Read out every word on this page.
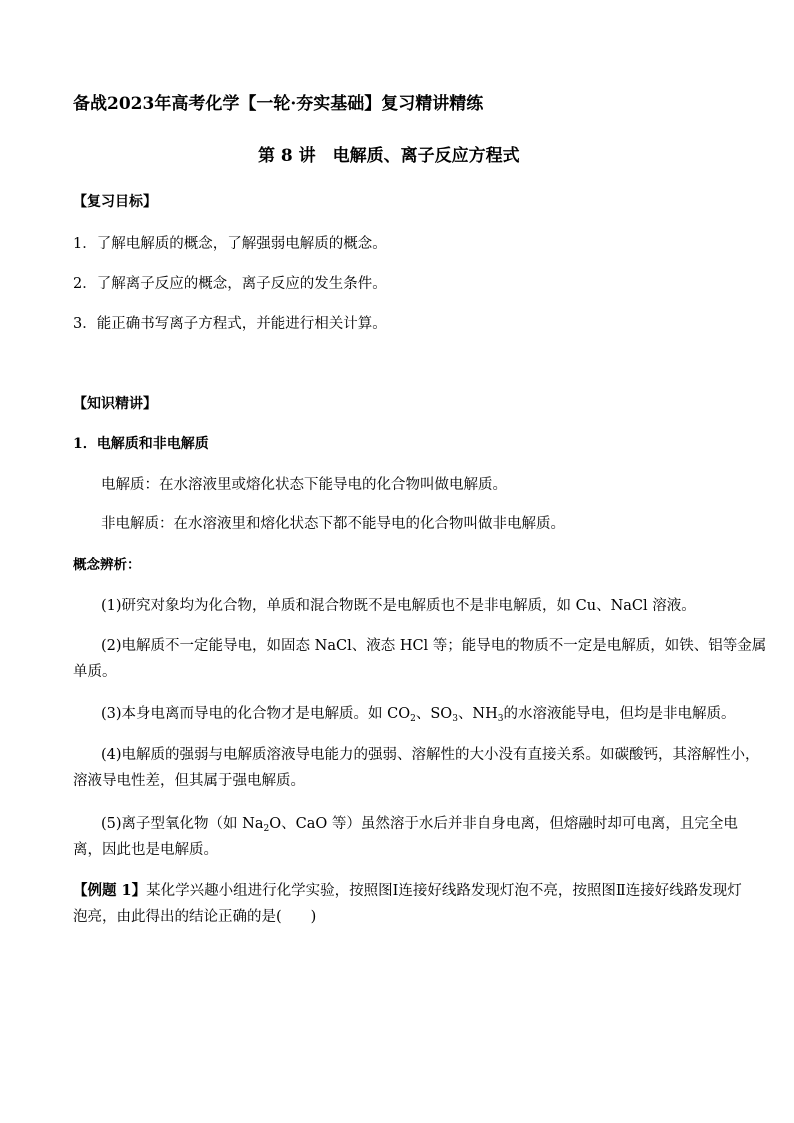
备战2023年高考化学【一轮·夯实基础】复习精讲精练
第 8 讲　电解质、离子反应方程式
【复习目标】
1．了解电解质的概念，了解强弱电解质的概念。
2．了解离子反应的概念，离子反应的发生条件。
3．能正确书写离子方程式，并能进行相关计算。
【知识精讲】
1．电解质和非电解质
电解质：在水溶液里或熔化状态下能导电的化合物叫做电解质。
非电解质：在水溶液里和熔化状态下都不能导电的化合物叫做非电解质。
概念辨析：
(1)研究对象均为化合物，单质和混合物既不是电解质也不是非电解质，如 Cu、NaCl 溶液。
(2)电解质不一定能导电，如固态 NaCl、液态 HCl 等；能导电的物质不一定是电解质，如铁、铝等金属
单质。
(3)本身电离而导电的化合物才是电解质。如 $CO_2$、$SO_3$、$NH_3$的水溶液能导电，但均是非电解质。
(4)电解质的强弱与电解质溶液导电能力的强弱、溶解性的大小没有直接关系。如碳酸钙，其溶解性小，
溶液导电性差，但其属于强电解质。
(5)离子型氧化物（如 $Na_2O$、CaO 等）虽然溶于水后并非自身电离，但熔融时却可电离，且完全电
离，因此也是电解质。
【例题 1】某化学兴趣小组进行化学实验，按照图Ⅰ连接好线路发现灯泡不亮，按照图Ⅱ连接好线路发现灯
泡亮，由此得出的结论正确的是(　　)
